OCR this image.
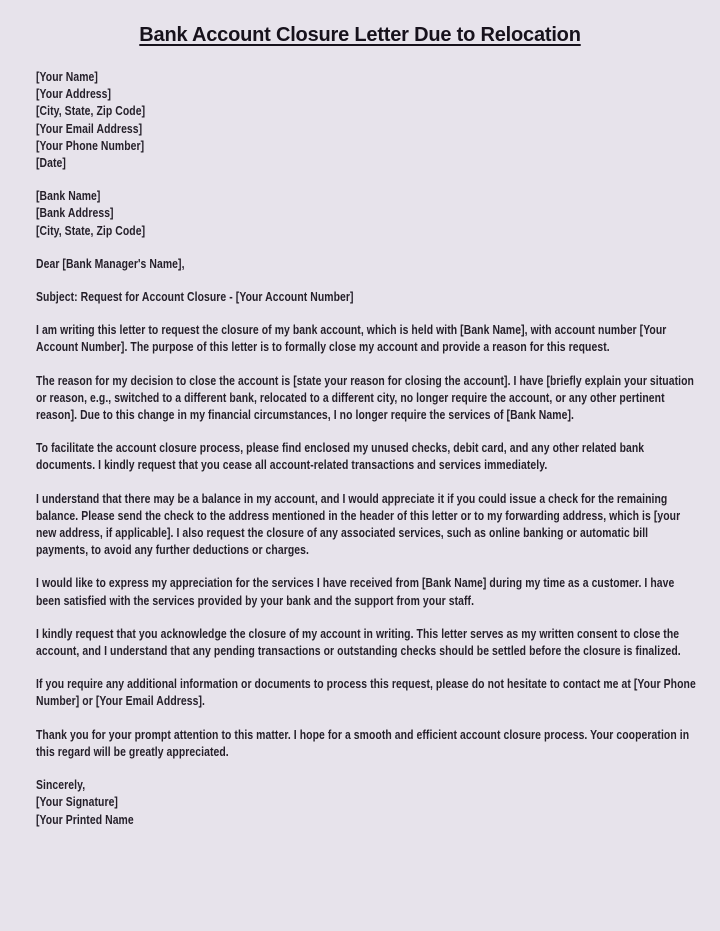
Bank Account Closure Letter Due to Relocation

[Your Name]

[Your Address]

[City, State, Zip Code]

[Your Email Address]

[Your Phone Number]

[Date]

[Bank Name]

[Bank Address]

[City, State, Zip Code]

Dear [Bank Manager's Name],

Subject: Request for Account Closure - [Your Account Number]

I am writing this letter to request the closure of my bank account, which is held with [Bank Name], with account number [Your Account Number]. The purpose of this letter is to formally close my account and provide a reason for this request.

The reason for my decision to close the account is [state your reason for closing the account]. I have [briefly explain your situation or reason, e.g., switched to a different bank, relocated to a different city, no longer require the account, or any other pertinent reason]. Due to this change in my financial circumstances, I no longer require the services of [Bank Name].

To facilitate the account closure process, please find enclosed my unused checks, debit card, and any other related bank documents. I kindly request that you cease all account-related transactions and services immediately.

I understand that there may be a balance in my account, and I would appreciate it if you could issue a check for the remaining balance. Please send the check to the address mentioned in the header of this letter or to my forwarding address, which is [your new address, if applicable]. I also request the closure of any associated services, such as online banking or automatic bill payments, to avoid any further deductions or charges.

I would like to express my appreciation for the services I have received from [Bank Name] during my time as a customer. I have been satisfied with the services provided by your bank and the support from your staff.

I kindly request that you acknowledge the closure of my account in writing. This letter serves as my written consent to close the account, and I understand that any pending transactions or outstanding checks should be settled before the closure is finalized.

If you require any additional information or documents to process this request, please do not hesitate to contact me at [Your Phone Number] or [Your Email Address].

Thank you for your prompt attention to this matter. I hope for a smooth and efficient account closure process. Your cooperation in this regard will be greatly appreciated.

Sincerely,

[Your Signature]

[Your Printed Name
